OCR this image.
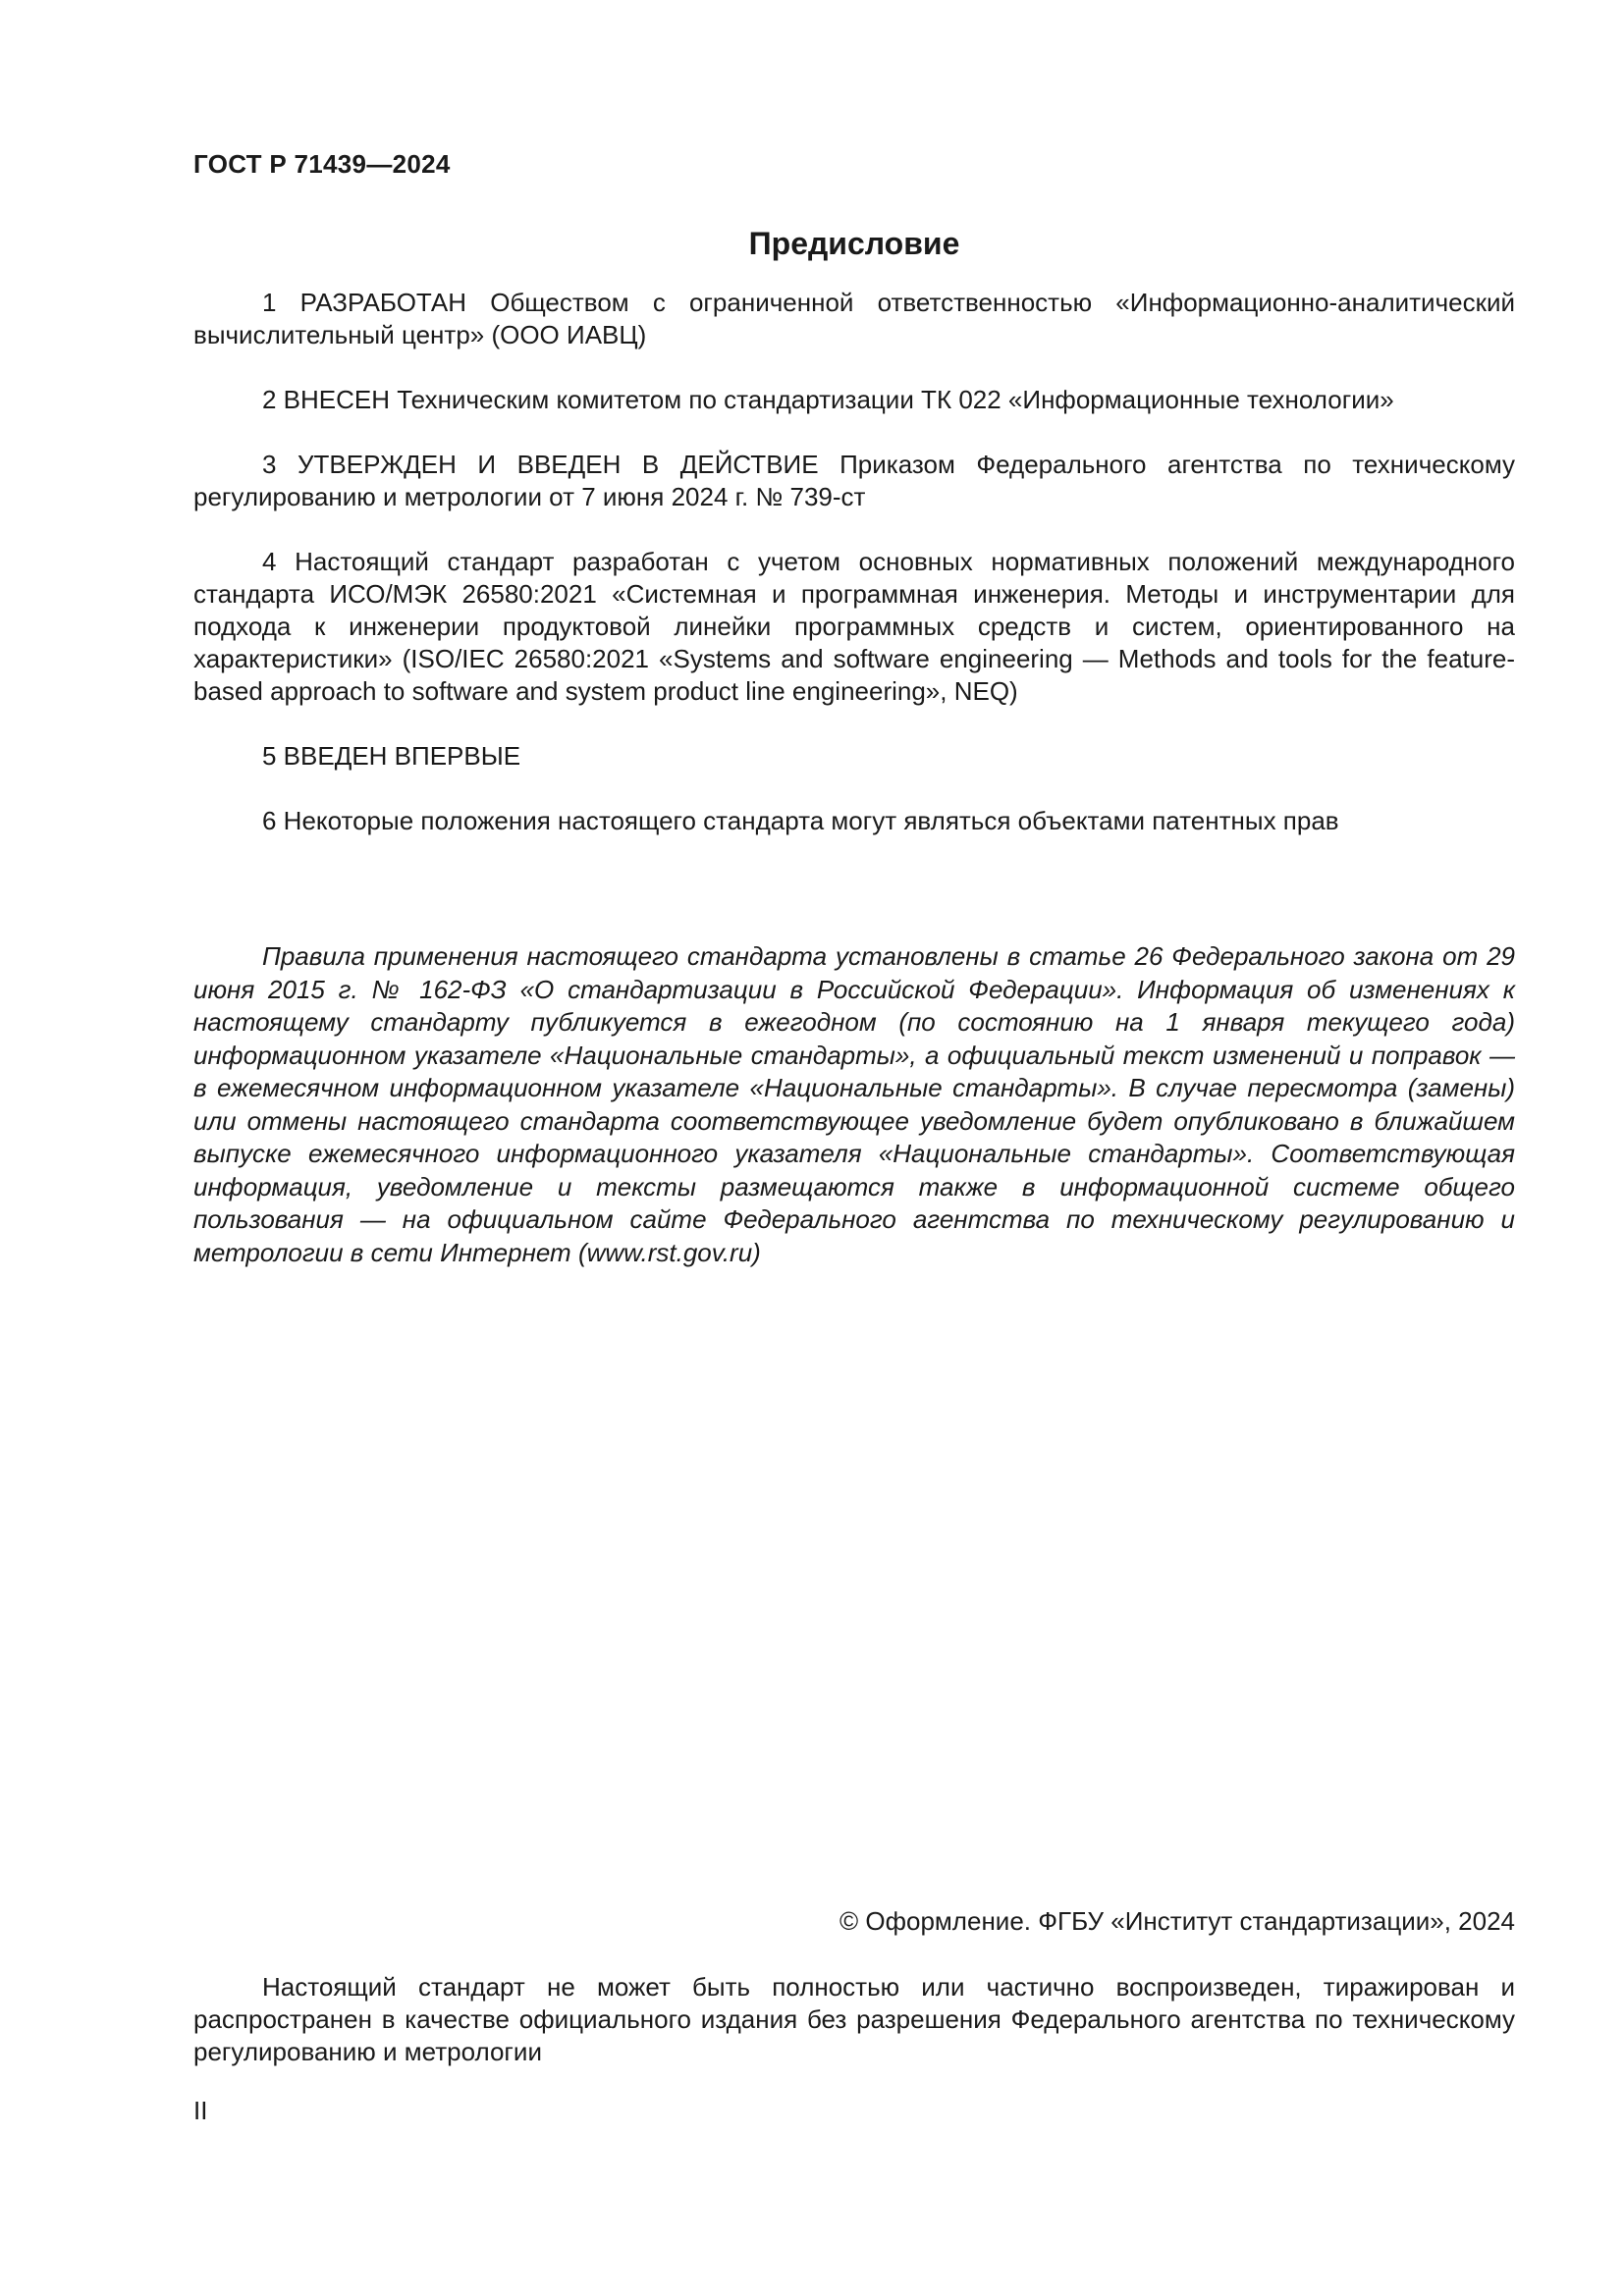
ГОСТ Р 71439—2024
Предисловие

1 РАЗРАБОТАН Обществом с ограниченной ответственностью «Информационно-аналитический вычислительный центр» (ООО ИАВЦ)

2 ВНЕСЕН Техническим комитетом по стандартизации ТК 022 «Информационные технологии»

3 УТВЕРЖДЕН И ВВЕДЕН В ДЕЙСТВИЕ Приказом Федерального агентства по техническому регулированию и метрологии от 7 июня 2024 г. № 739-ст

4 Настоящий стандарт разработан с учетом основных нормативных положений международного стандарта ИСО/МЭК 26580:2021 «Системная и программная инженерия. Методы и инструментарии для подхода к инженерии продуктовой линейки программных средств и систем, ориентированного на характеристики» (ISO/IEC 26580:2021 «Systems and software engineering — Methods and tools for the feature-based approach to software and system product line engineering», NEQ)

5 ВВЕДЕН ВПЕРВЫЕ

6 Некоторые положения настоящего стандарта могут являться объектами патентных прав

Правила применения настоящего стандарта установлены в статье 26 Федерального закона от 29 июня 2015 г. № 162-ФЗ «О стандартизации в Российской Федерации». Информация об изменениях к настоящему стандарту публикуется в ежегодном (по состоянию на 1 января текущего года) информационном указателе «Национальные стандарты», а официальный текст изменений и поправок — в ежемесячном информационном указателе «Национальные стандарты». В случае пересмотра (замены) или отмены настоящего стандарта соответствующее уведомление будет опубликовано в ближайшем выпуске ежемесячного информационного указателя «Национальные стандарты». Соответствующая информация, уведомление и тексты размещаются также в информационной системе общего пользования — на официальном сайте Федерального агентства по техническому регулированию и метрологии в сети Интернет (www.rst.gov.ru)

© Оформление. ФГБУ «Институт стандартизации», 2024

Настоящий стандарт не может быть полностью или частично воспроизведен, тиражирован и распространен в качестве официального издания без разрешения Федерального агентства по техническому регулированию и метрологии

II
